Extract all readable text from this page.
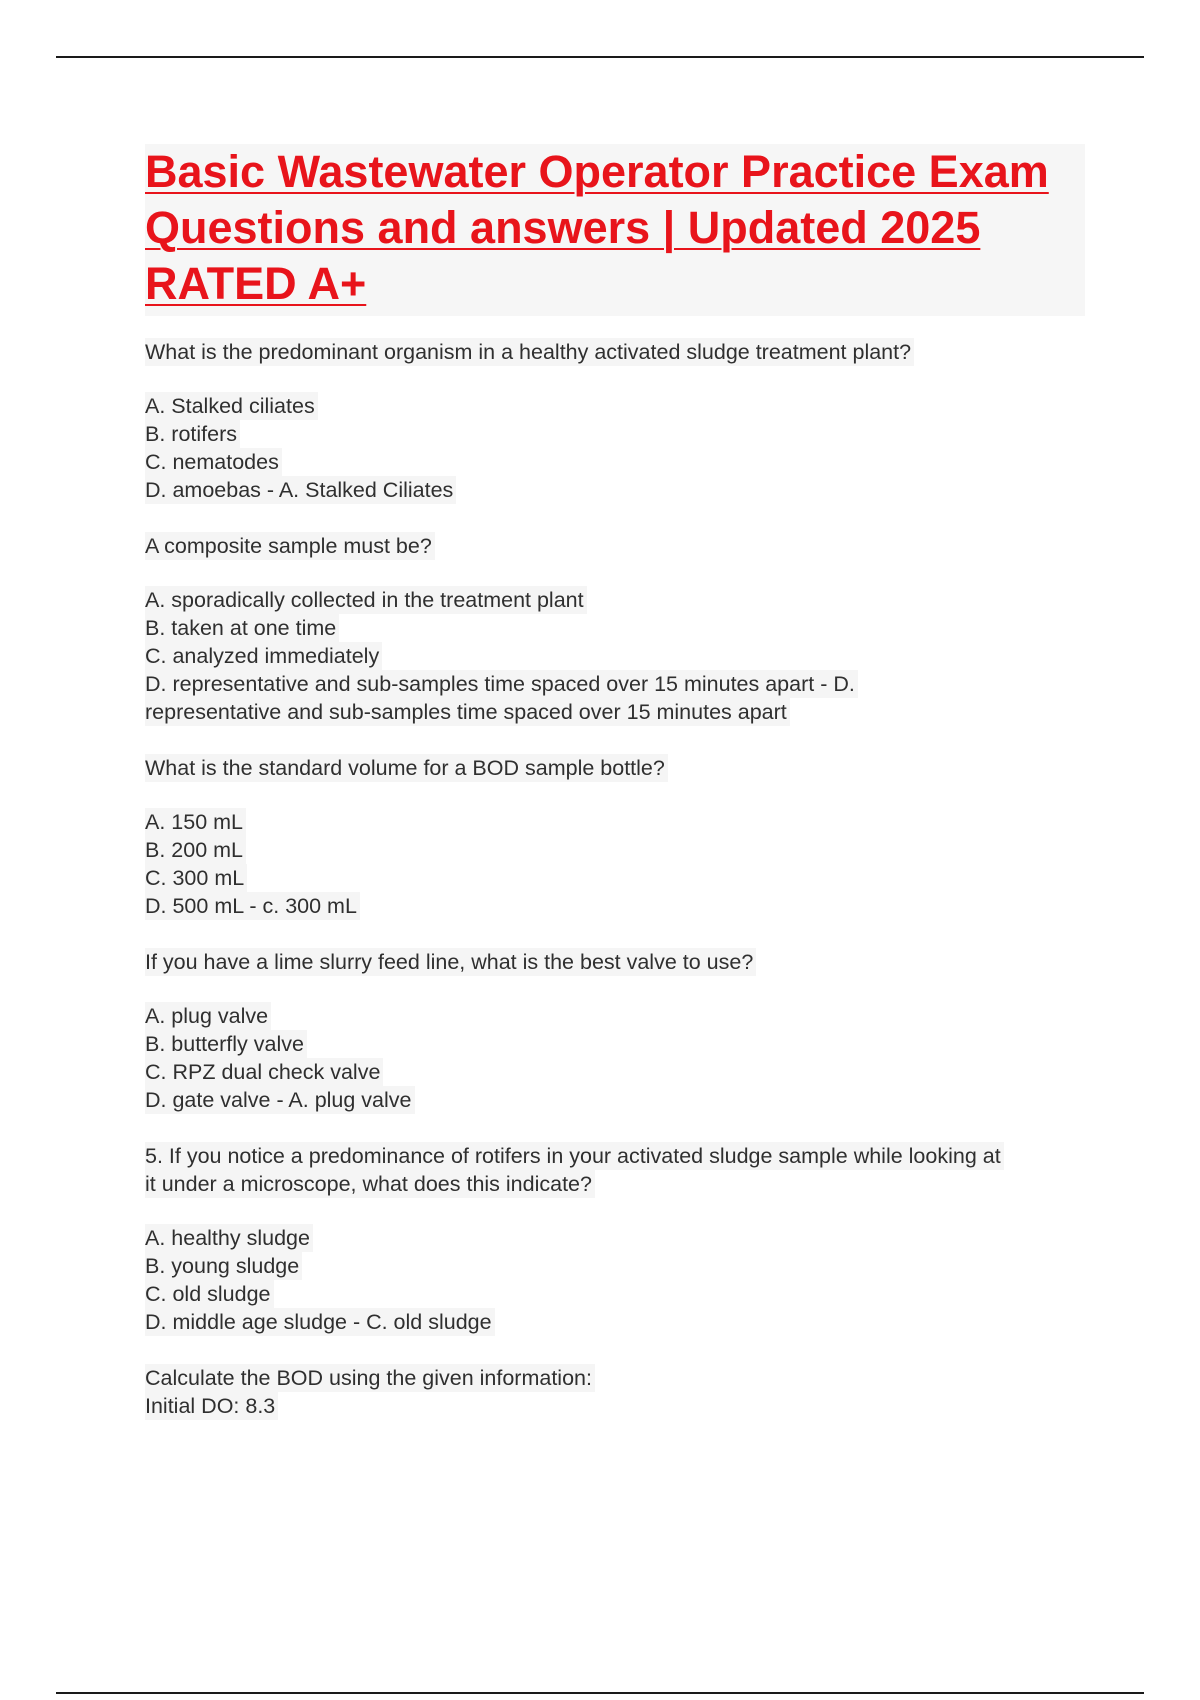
Basic Wastewater Operator Practice Exam Questions and answers | Updated 2025 RATED A+
What is the predominant organism in a healthy activated sludge treatment plant?
A. Stalked ciliates
B. rotifers
C. nematodes
D. amoebas - A. Stalked Ciliates
A composite sample must be?
A. sporadically collected in the treatment plant
B. taken at one time
C. analyzed immediately
D. representative and sub-samples time spaced over 15 minutes apart - D.
representative and sub-samples time spaced over 15 minutes apart
What is the standard volume for a BOD sample bottle?
A. 150 mL
B. 200 mL
C. 300 mL
D. 500 mL - c. 300 mL
If you have a lime slurry feed line, what is the best valve to use?
A. plug valve
B. butterfly valve
C. RPZ dual check valve
D. gate valve - A. plug valve
5. If you notice a predominance of rotifers in your activated sludge sample while looking at
it under a microscope, what does this indicate?
A. healthy sludge
B. young sludge
C. old sludge
D. middle age sludge - C. old sludge
Calculate the BOD using the given information:
Initial DO: 8.3
